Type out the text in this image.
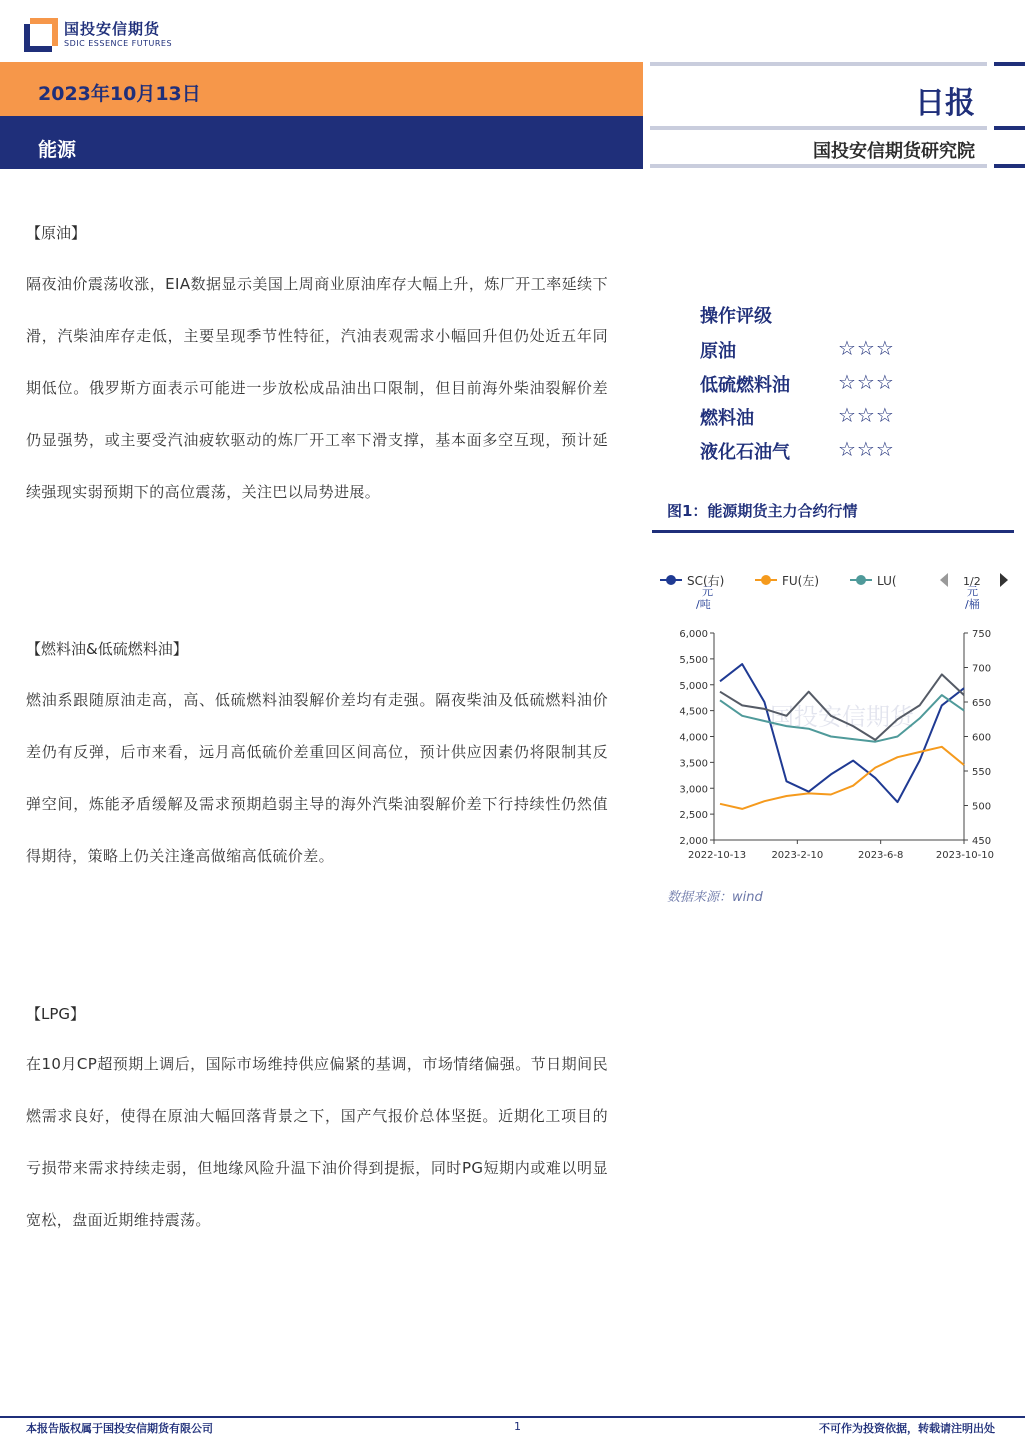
国投安信期货
SDIC ESSENCE FUTURES
2023年10月13日
能源
日报
国投安信期货研究院
【原油】

隔夜油价震荡收涨，EIA数据显示美国上周商业原油库存大幅上升，炼厂开工率延续下滑，汽柴油库存走低，主要呈现季节性特征，汽油表观需求小幅回升但仍处近五年同期低位。俄罗斯方面表示可能进一步放松成品油出口限制，但目前海外柴油裂解价差仍显强势，或主要受汽油疲软驱动的炼厂开工率下滑支撑，基本面多空互现，预计延续强现实弱预期下的高位震荡，关注巴以局势进展。

【燃料油&低硫燃料油】

燃油系跟随原油走高，高、低硫燃料油裂解价差均有走强。隔夜柴油及低硫燃料油价差仍有反弹，后市来看，远月高低硫价差重回区间高位，预计供应因素仍将限制其反弹空间，炼能矛盾缓解及需求预期趋弱主导的海外汽柴油裂解价差下行持续性仍然值得期待，策略上仍关注逢高做缩高低硫价差。

【LPG】

在10月CP超预期上调后，国际市场维持供应偏紧的基调，市场情绪偏强。节日期间民燃需求良好，使得在原油大幅回落背景之下，国产气报价总体坚挺。近期化工项目的亏损带来需求持续走弱，但地缘风险升温下油价得到提振，同时PG短期内或难以明显宽松，盘面近期维持震荡。

操作评级
原油	☆☆☆
低硫燃料油 ☆☆☆
燃料油	☆☆☆
液化石油气 ☆☆☆
图1：能源期货主力合约行情
国投安信期货
SC(右)	FU(左)	LU(	1/2
元
/吨
元
/桶
2,000
2,500
3,000
3,500
4,000
4,500
5,000
5,500
6,000
450
500
550
600
650
700
750
2022-10-13	2023-2-10	2023-6-8	2023-10-10
数据来源：wind
本报告版权属于国投安信期货有限公司	1	不可作为投资依据，转载请注明出处
